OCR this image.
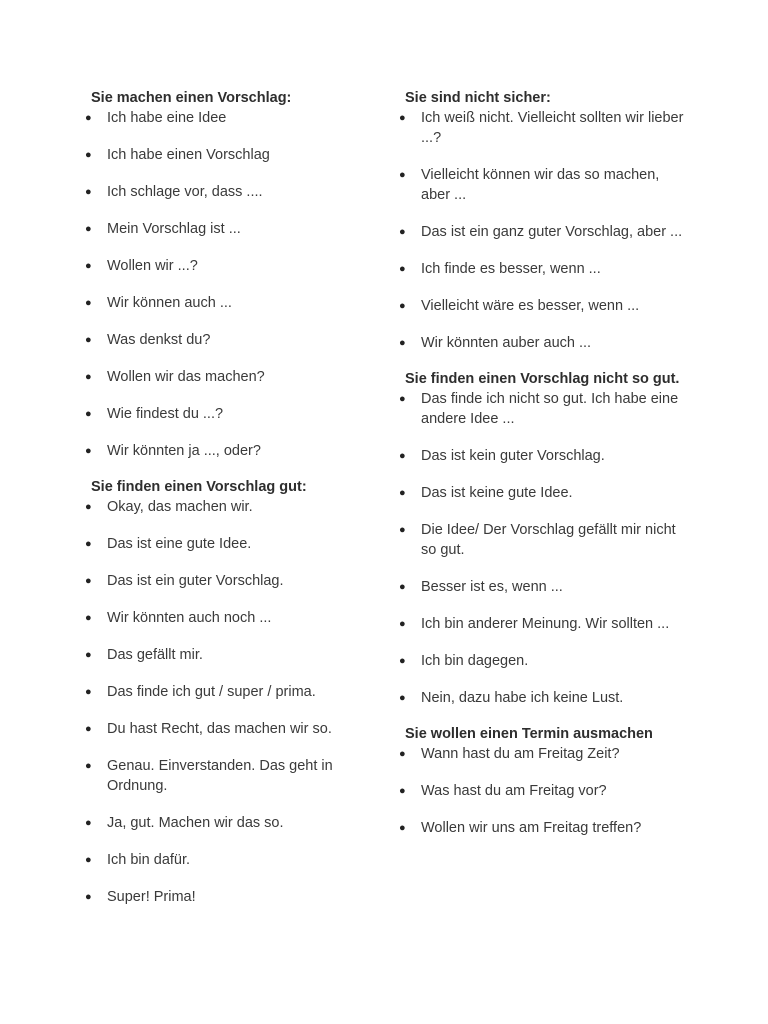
Sie machen einen Vorschlag:

● Ich habe eine Idee
● Ich habe einen Vorschlag
● Ich schlage vor, dass ....
● Mein Vorschlag ist ...
● Wollen wir ...?
● Wir können auch ...
● Was denkst du?
● Wollen wir das machen?
● Wie findest du ...?
● Wir könnten ja ..., oder?

Sie finden einen Vorschlag gut:

● Okay, das machen wir.
● Das ist eine gute Idee.
● Das ist ein guter Vorschlag.
● Wir könnten auch noch ...
● Das gefällt mir.
● Das finde ich gut / super / prima.
● Du hast Recht, das machen wir so.
● Genau. Einverstanden. Das geht in Ordnung.
● Ja, gut. Machen wir das so.
● Ich bin dafür.
● Super! Prima!

Sie sind nicht sicher:

● Ich weiß nicht. Vielleicht sollten wir lieber ...?
● Vielleicht können wir das so machen, aber ...
● Das ist ein ganz guter Vorschlag, aber ...
● Ich finde es besser, wenn ...
● Vielleicht wäre es besser, wenn ...
● Wir könnten auber auch ...

Sie finden einen Vorschlag nicht so gut.

● Das finde ich nicht so gut. Ich habe eine andere Idee ...
● Das ist kein guter Vorschlag.
● Das ist keine gute Idee.
● Die Idee/ Der Vorschlag gefällt mir nicht so gut.
● Besser ist es, wenn ...
● Ich bin anderer Meinung. Wir sollten ...
● Ich bin dagegen.
● Nein, dazu habe ich keine Lust.

Sie wollen einen Termin ausmachen

● Wann hast du am Freitag Zeit?
● Was hast du am Freitag vor?
● Wollen wir uns am Freitag treffen?
